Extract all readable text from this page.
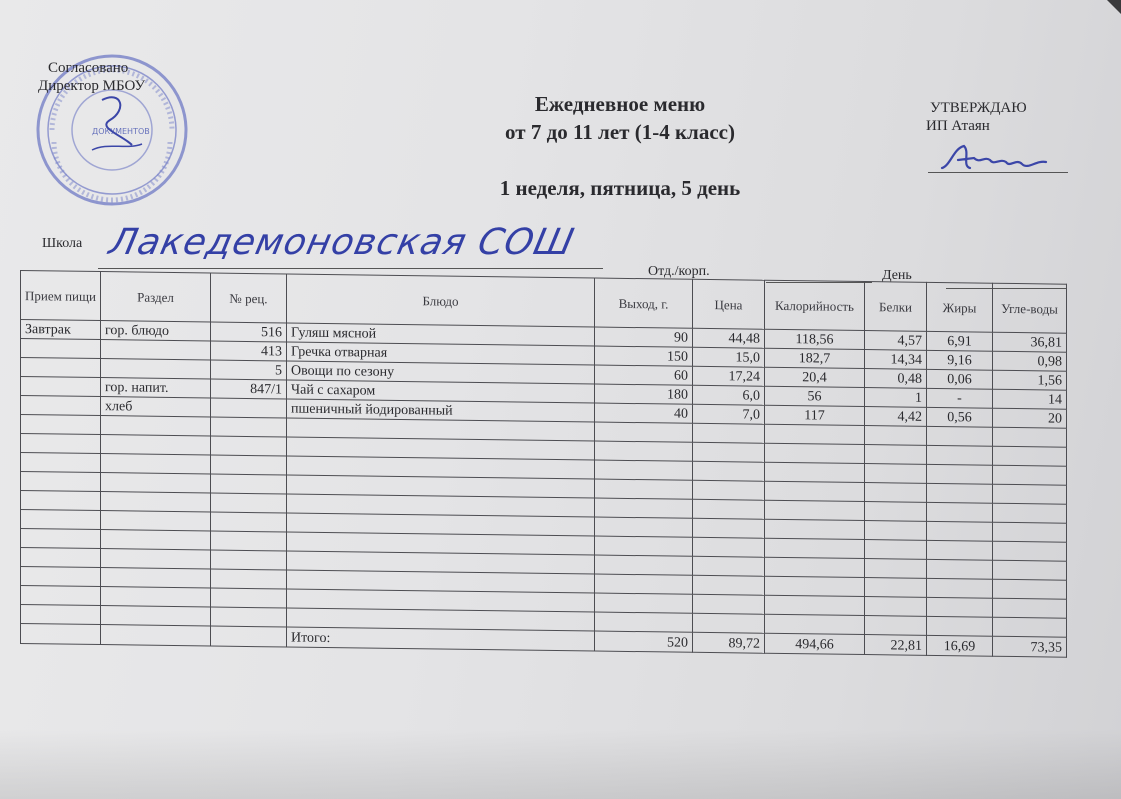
ДОКУМЕНТОВ
Согласовано
Директор МБОУ
Ежедневное меню
от 7 до 11 лет (1-4 класс)
1 неделя, пятница, 5 день
УТВЕРЖДАЮ
ИП Атаян
Школа Лакедемоновская СОШ
Отд./корп.	День
Прием пищи	Раздел	№ рец.	Блюдо	Выход, г.	Цена	Калорийность	Белки	Жиры	Угле-воды
Завтрак	гор. блюдо	516	Гуляш мясной	90	44,48	118,56	4,57	6,91	36,81
		413	Гречка отварная	150	15,0	182,7	14,34	9,16	0,98
		5	Овощи по сезону	60	17,24	20,4	0,48	0,06	1,56
	гор. напит.	847/1	Чай с сахаром	180	6,0	56	1	-	14
	хлеб		пшеничный йодированный	40	7,0	117	4,42	0,56	20

			Итого:	520	89,72	494,66	22,81	16,69	73,35
